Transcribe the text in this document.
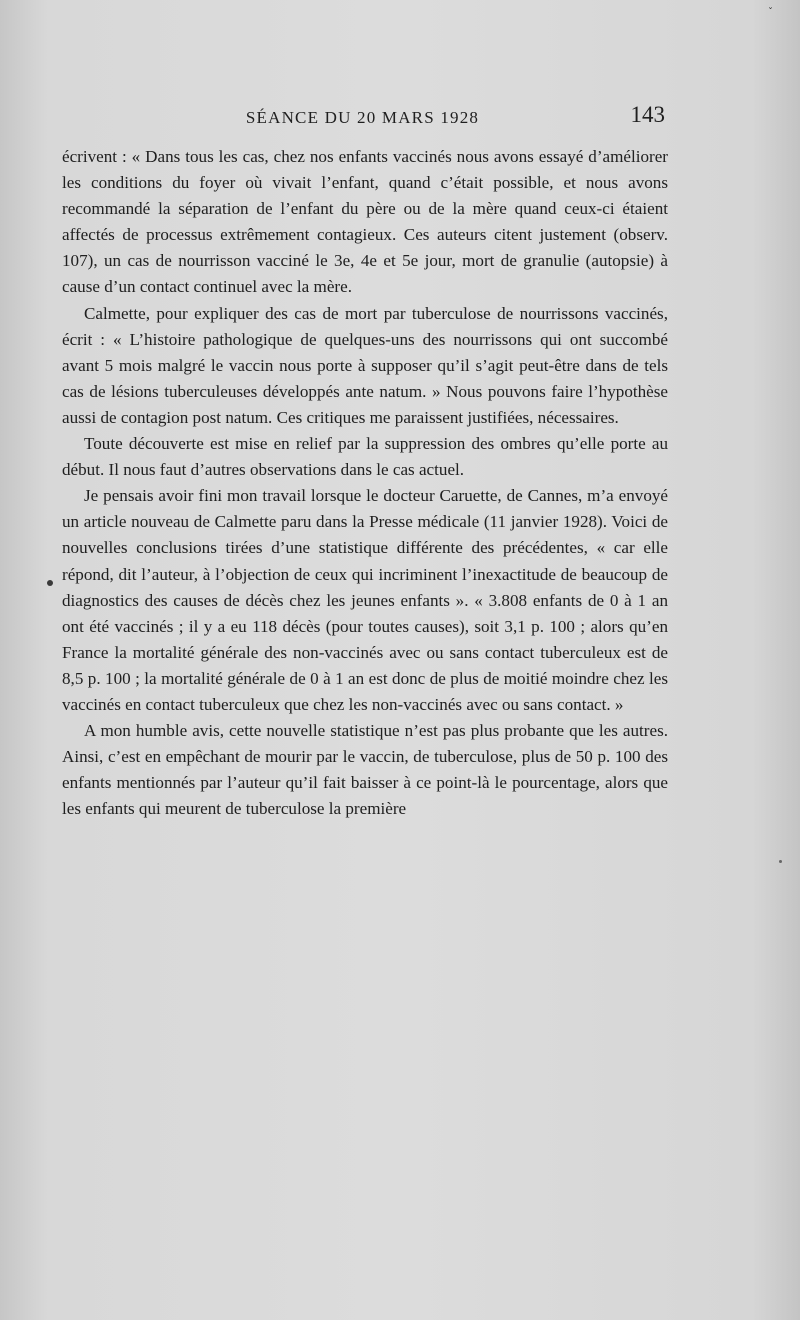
ˇ
SÉANCE DU 20 MARS 1928	143

écrivent : « Dans tous les cas, chez nos enfants vaccinés nous avons essayé d’améliorer les conditions du foyer où vivait l’enfant, quand c’était possible, et nous avons recommandé la séparation de l’enfant du père ou de la mère quand ceux-ci étaient affectés de processus extrêmement contagieux. Ces auteurs citent justement (observ. 107), un cas de nourrisson vacciné le 3e, 4e et 5e jour, mort de granulie (autopsie) à cause d’un contact continuel avec la mère.

Calmette, pour expliquer des cas de mort par tuberculose de nourrissons vaccinés, écrit : « L’histoire pathologique de quelques-uns des nourrissons qui ont succombé avant 5 mois malgré le vaccin nous porte à supposer qu’il s’agit peut-être dans de tels cas de lésions tuberculeuses développés ante natum. » Nous pouvons faire l’hypothèse aussi de contagion post natum. Ces critiques me paraissent justifiées, nécessaires.

Toute découverte est mise en relief par la suppression des ombres qu’elle porte au début. Il nous faut d’autres observations dans le cas actuel.

Je pensais avoir fini mon travail lorsque le docteur Caruette, de Cannes, m’a envoyé un article nouveau de Calmette paru dans la Presse médicale (11 janvier 1928). Voici de nouvelles conclusions tirées d’une statistique différente des précédentes, « car elle répond, dit l’auteur, à l’objection de ceux qui incriminent l’inexactitude de beaucoup de diagnostics des causes de décès chez les jeunes enfants ». « 3.808 enfants de 0 à 1 an ont été vaccinés ; il y a eu 118 décès (pour toutes causes), soit 3,1 p. 100 ; alors qu’en France la mortalité générale des non-vaccinés avec ou sans contact tuberculeux est de 8,5 p. 100 ; la mortalité générale de 0 à 1 an est donc de plus de moitié moindre chez les vaccinés en contact tuberculeux que chez les non-vaccinés avec ou sans contact. »

A mon humble avis, cette nouvelle statistique n’est pas plus probante que les autres. Ainsi, c’est en empêchant de mourir par le vaccin, de tuberculose, plus de 50 p. 100 des enfants mentionnés par l’auteur qu’il fait baisser à ce point-là le pourcentage, alors que les enfants qui meurent de tuberculose la première
